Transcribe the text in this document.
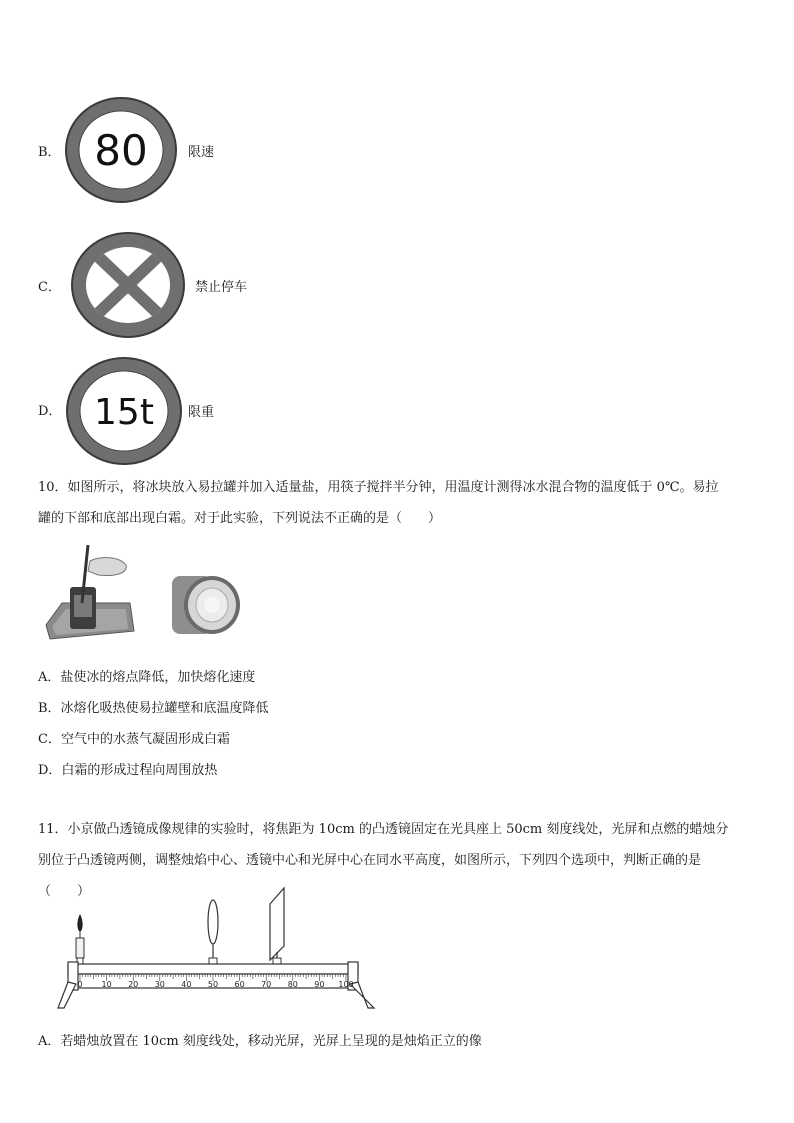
B． 80	限速
C．	禁止停车
D． 15t	限重
10．如图所示，将冰块放入易拉罐并加入适量盐，用筷子搅拌半分钟，用温度计测得冰水混合物的温度低于 0℃。易拉
罐的下部和底部出现白霜。对于此实验，下列说法不正确的是（　　）
A．盐使冰的熔点降低，加快熔化速度
B．冰熔化吸热使易拉罐壁和底温度降低
C．空气中的水蒸气凝固形成白霜
D．白霜的形成过程向周围放热
11．小京做凸透镜成像规律的实验时，将焦距为 10cm 的凸透镜固定在光具座上 50cm 刻度线处，光屏和点燃的蜡烛分
别位于凸透镜两侧，调整烛焰中心、透镜中心和光屏中心在同水平高度，如图所示，下列四个选项中，判断正确的是
（　　）
0 10 20 30 40 50 60 70 80 90 100
A．若蜡烛放置在 10cm 刻度线处，移动光屏，光屏上呈现的是烛焰正立的像
